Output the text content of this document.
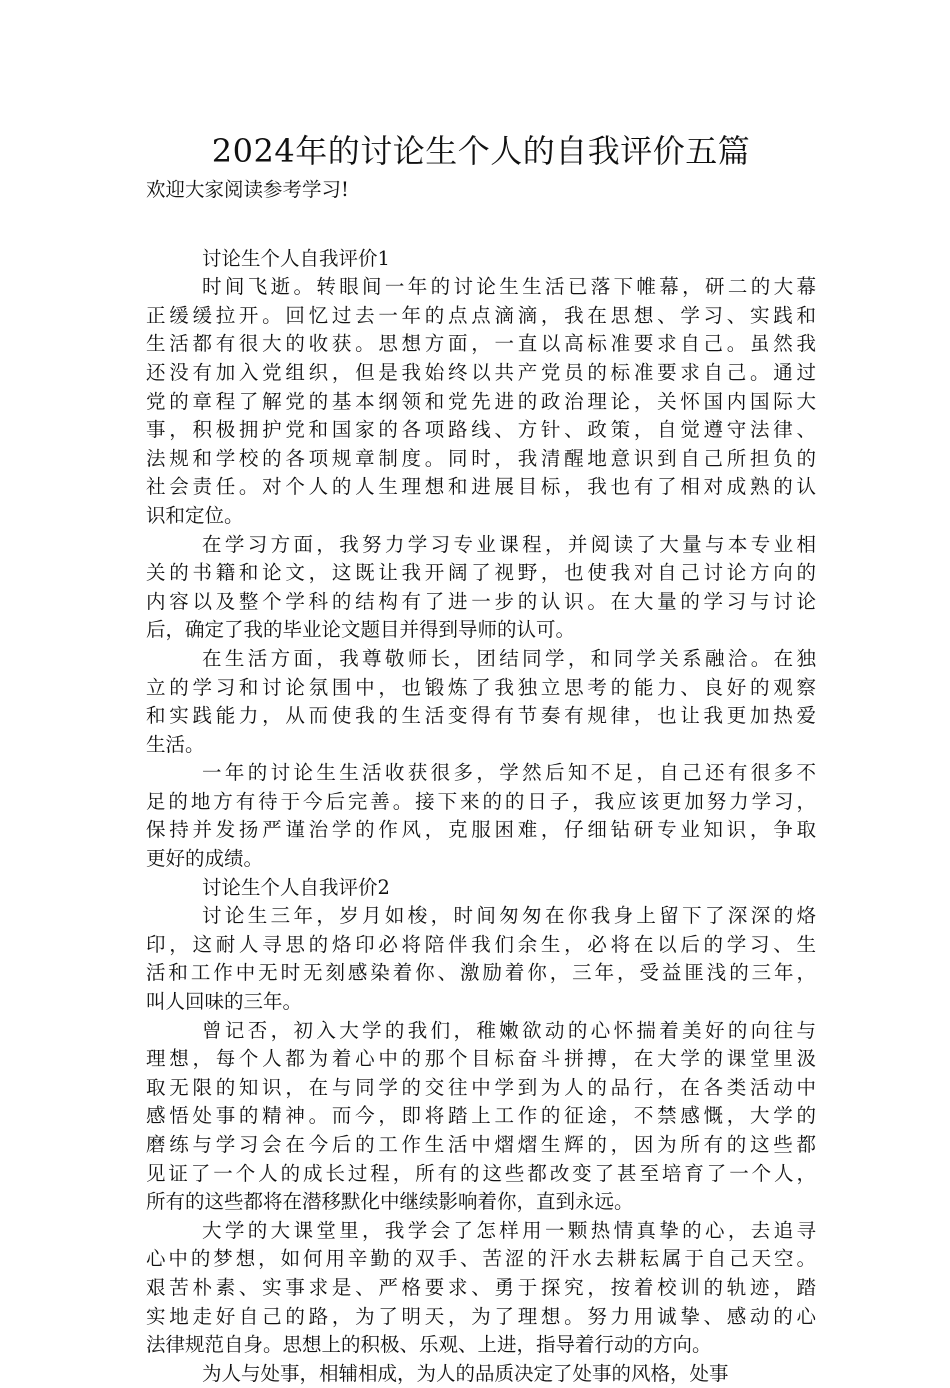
2024年的讨论生个人的自我评价五篇

欢迎大家阅读参考学习!

讨论生个人自我评价1

时间飞逝。转眼间一年的讨论生生活已落下帷幕，研二的大幕
正缓缓拉开。回忆过去一年的点点滴滴，我在思想、学习、实践和
生活都有很大的收获。思想方面，一直以高标准要求自己。虽然我
还没有加入党组织，但是我始终以共产党员的标准要求自己。通过
党的章程了解党的基本纲领和党先进的政治理论，关怀国内国际大
事，积极拥护党和国家的各项路线、方针、政策，自觉遵守法律、
法规和学校的各项规章制度。同时，我清醒地意识到自己所担负的
社会责任。对个人的人生理想和进展目标，我也有了相对成熟的认
识和定位。
在学习方面，我努力学习专业课程，并阅读了大量与本专业相
关的书籍和论文，这既让我开阔了视野，也使我对自己讨论方向的
内容以及整个学科的结构有了进一步的认识。在大量的学习与讨论
后，确定了我的毕业论文题目并得到导师的认可。
在生活方面，我尊敬师长，团结同学，和同学关系融洽。在独
立的学习和讨论氛围中，也锻炼了我独立思考的能力、良好的观察
和实践能力，从而使我的生活变得有节奏有规律，也让我更加热爱
生活。
一年的讨论生生活收获很多，学然后知不足，自己还有很多不
足的地方有待于今后完善。接下来的的日子，我应该更加努力学习，
保持并发扬严谨治学的作风，克服困难，仔细钻研专业知识，争取
更好的成绩。

讨论生个人自我评价2

讨论生三年，岁月如梭，时间匆匆在你我身上留下了深深的烙
印，这耐人寻思的烙印必将陪伴我们余生，必将在以后的学习、生
活和工作中无时无刻感染着你、激励着你，三年，受益匪浅的三年，
叫人回味的三年。
曾记否，初入大学的我们，稚嫩欲动的心怀揣着美好的向往与
理想，每个人都为着心中的那个目标奋斗拼搏，在大学的课堂里汲
取无限的知识，在与同学的交往中学到为人的品行，在各类活动中
感悟处事的精神。而今，即将踏上工作的征途，不禁感慨，大学的
磨练与学习会在今后的工作生活中熠熠生辉的，因为所有的这些都
见证了一个人的成长过程，所有的这些都改变了甚至培育了一个人，
所有的这些都将在潜移默化中继续影响着你，直到永远。
大学的大课堂里，我学会了怎样用一颗热情真挚的心，去追寻
心中的梦想，如何用辛勤的双手、苦涩的汗水去耕耘属于自己天空。
艰苦朴素、实事求是、严格要求、勇于探究，按着校训的轨迹，踏
实地走好自己的路，为了明天，为了理想。努力用诚挚、感动的心
法律规范自身。思想上的积极、乐观、上进，指导着行动的方向。
为人与处事，相辅相成，为人的品质决定了处事的风格，处事
